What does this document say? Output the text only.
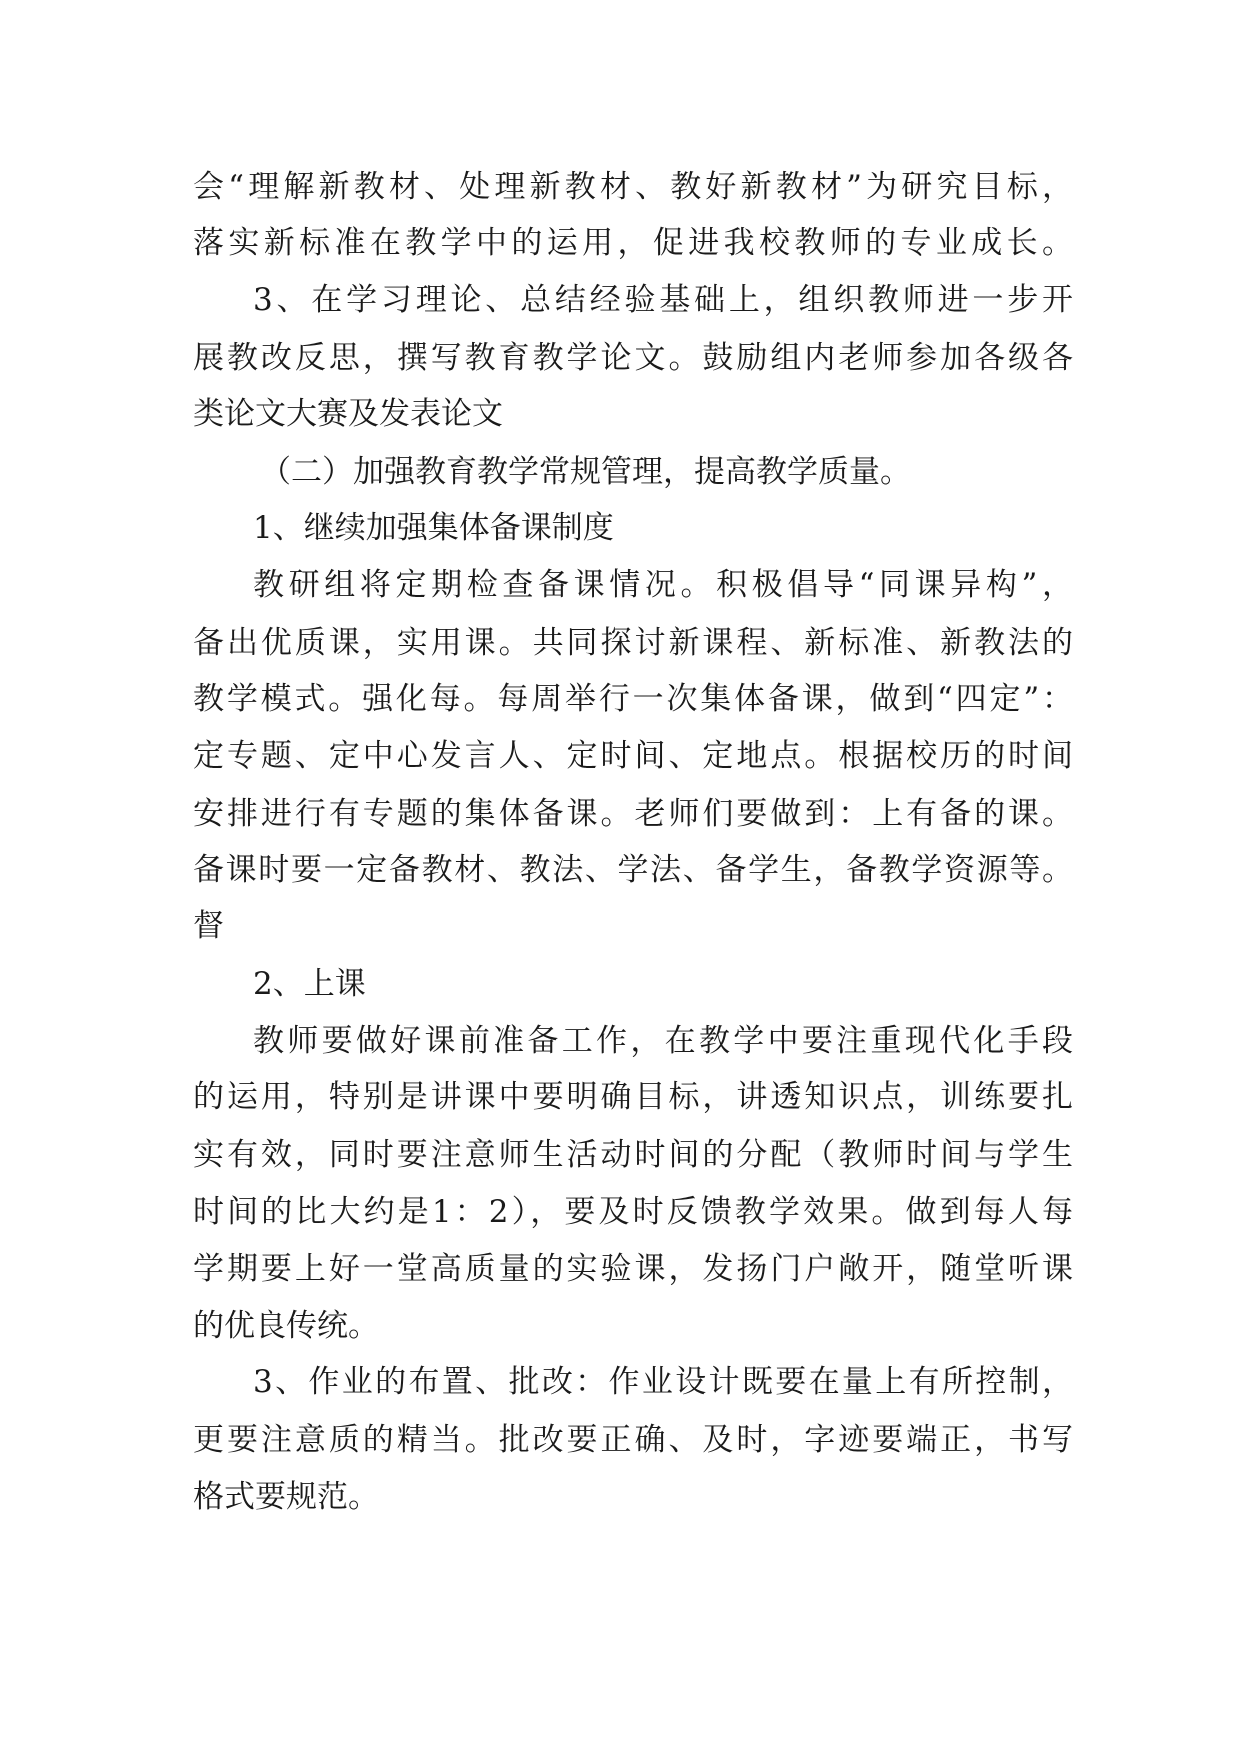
会“理解新教材、处理新教材、教好新教材”为研究目标，
落实新标准在教学中的运用，促进我校教师的专业成长。
3、在学习理论、总结经验基础上，组织教师进一步开
展教改反思，撰写教育教学论文。鼓励组内老师参加各级各
类论文大赛及发表论文
（二）加强教育教学常规管理，提高教学质量。
1、继续加强集体备课制度
教研组将定期检查备课情况。积极倡导“同课异构”，
备出优质课，实用课。共同探讨新课程、新标准、新教法的
教学模式。强化每。每周举行一次集体备课，做到“四定”：
定专题、定中心发言人、定时间、定地点。根据校历的时间
安排进行有专题的集体备课。老师们要做到：上有备的课。
备课时要一定备教材、教法、学法、备学生，备教学资源等。
督
2、上课
教师要做好课前准备工作，在教学中要注重现代化手段
的运用，特别是讲课中要明确目标，讲透知识点，训练要扎
实有效，同时要注意师生活动时间的分配（教师时间与学生
时间的比大约是1：2），要及时反馈教学效果。做到每人每
学期要上好一堂高质量的实验课，发扬门户敞开，随堂听课
的优良传统。
3、作业的布置、批改：作业设计既要在量上有所控制，
更要注意质的精当。批改要正确、及时，字迹要端正，书写
格式要规范。
